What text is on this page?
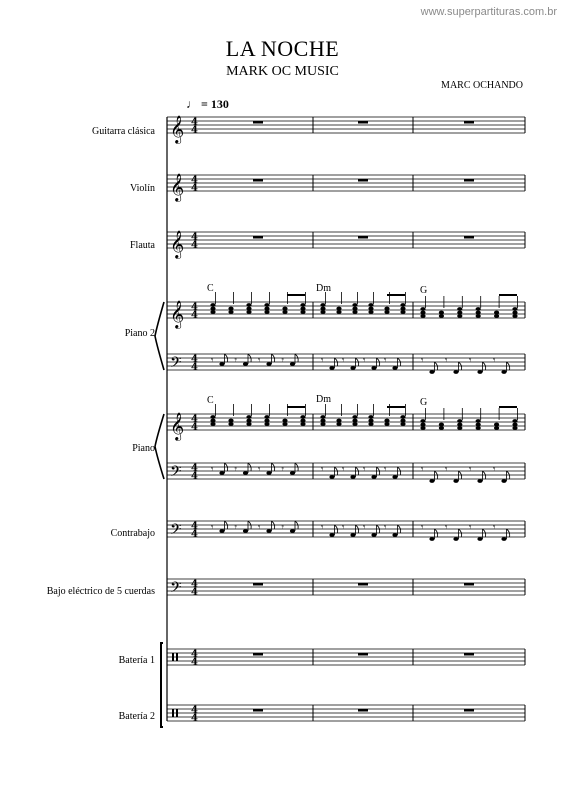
www.superpartituras.com.br
LA NOCHE
MARK OC MUSIC
MARC OCHANDO
♩ = 130
Guitarra clásica
Violín
Flauta
Piano 2
Piano
Contrabajo
Bajo eléctrico de 5 cuerdas
Batería 1
Batería 2
C	Dm	G
C	Dm	G
𝄞 4
4
𝄞 4
4
𝄞 4
4
𝄞 4
4
𝄢 4
4
𝄾 𝄾 𝄾 𝄾	𝄾 𝄾 𝄾 𝄾	𝄾 𝄾 𝄾 𝄾
𝄞 4
4
𝄢 4
4
𝄾 𝄾 𝄾 𝄾	𝄾 𝄾 𝄾 𝄾	𝄾 𝄾 𝄾 𝄾
𝄢 4
4
𝄾 𝄾 𝄾 𝄾	𝄾 𝄾 𝄾 𝄾	𝄾 𝄾 𝄾 𝄾
𝄢 4
4
4
4
4
4
